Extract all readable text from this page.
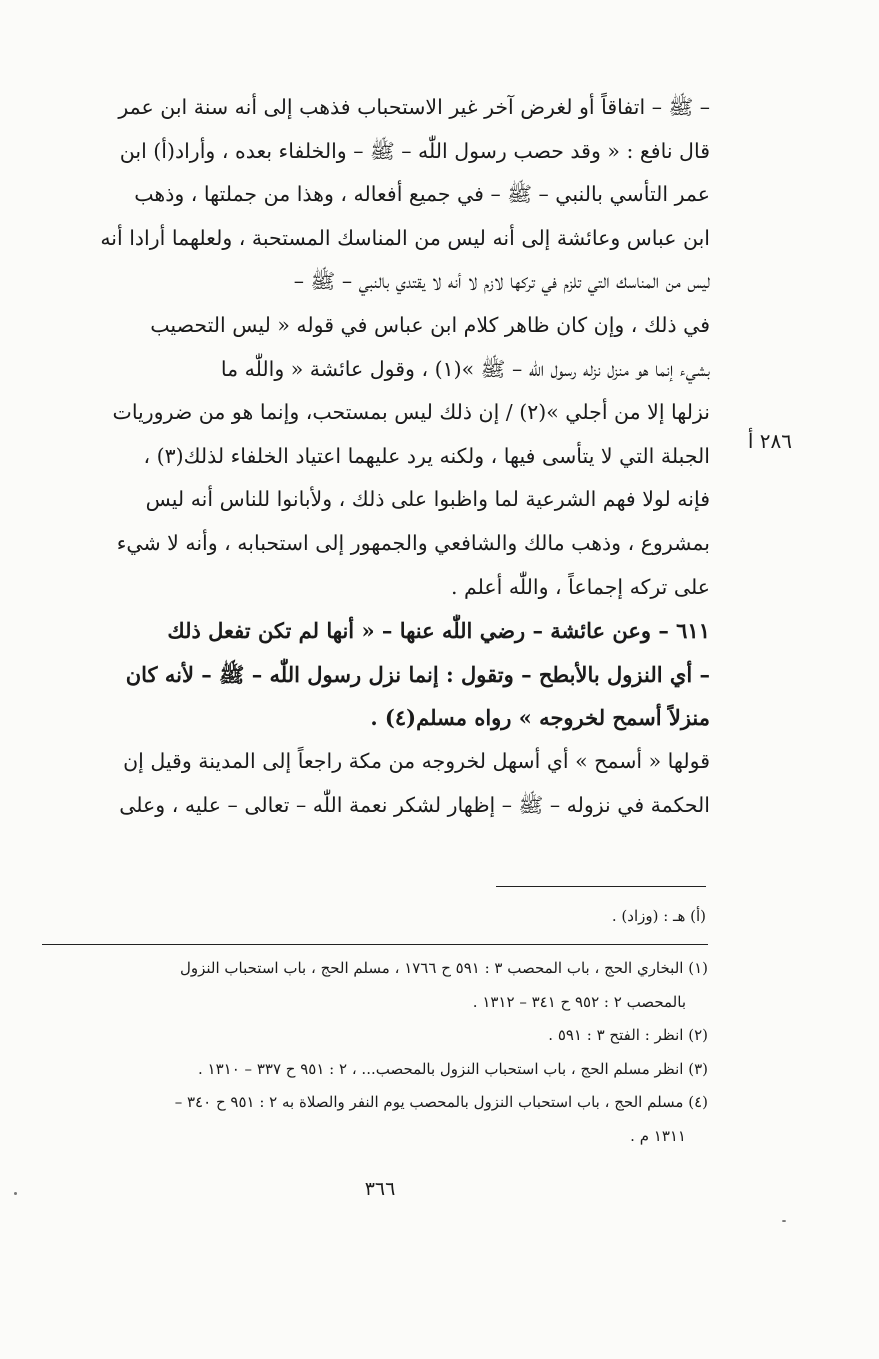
– ﷺ – اتفاقاً أو لغرض آخر غير الاستحباب فذهب إلى أنه سنة ابن عمر
قال نافع : « وقد حصب رسول اللّٰه – ﷺ – والخلفاء بعده ، وأراد(أ) ابن
عمر التأسي بالنبي – ﷺ – في جميع أفعاله ، وهذا من جملتها ، وذهب
ابن عباس وعائشة إلى أنه ليس من المناسك المستحبة ، ولعلهما أرادا أنه
ليس من المناسك التي تلزم في تركها لازم لا أنه لا يقتدي بالنبي – ﷺ –
في ذلك ، وإن كان ظاهر كلام ابن عباس في قوله « ليس التحصيب
بشيء إنما هو منزل نزله رسول اللّٰه – ﷺ »(١) ، وقول عائشة « واللّٰه ما
نزلها إلا من أجلي »(٢) / إن ذلك ليس بمستحب، وإنما هو من ضروريات
الجبلة التي لا يتأسى فيها ، ولكنه يرد عليهما اعتياد الخلفاء لذلك(٣) ،
فإنه لولا فهم الشرعية لما واظبوا على ذلك ، ولأبانوا للناس أنه ليس
بمشروع ، وذهب مالك والشافعي والجمهور إلى استحبابه ، وأنه لا شيء
على تركه إجماعاً ، واللّٰه أعلم .
٦١١ – وعن عائشة – رضي اللّٰه عنها – « أنها لم تكن تفعل ذلك
– أي النزول بالأبطح – وتقول : إنما نزل رسول اللّٰه – ﷺ – لأنه كان
منزلاً أسمح لخروجه » رواه مسلم(٤) .
قولها « أسمح » أي أسهل لخروجه من مكة راجعاً إلى المدينة وقيل إن
الحكمة في نزوله – ﷺ – إظهار لشكر نعمة اللّٰه – تعالى – عليه ، وعلى
٢٨٦ أ
(أ) هـ : (وزاد) .
(١) البخاري الحج ، باب المحصب ٣ : ٥٩١ ح ١٧٦٦ ، مسلم الحج ، باب استحباب النزول
بالمحصب ٢ : ٩٥٢ ح ٣٤١ – ١٣١٢ .
(٢) انظر : الفتح ٣ : ٥٩١ .
(٣) انظر مسلم الحج ، باب استحباب النزول بالمحصب... ، ٢ : ٩٥١ ح ٣٣٧ – ١٣١٠ .
(٤) مسلم الحج ، باب استحباب النزول بالمحصب يوم النفر والصلاة به ٢ : ٩٥١ ح ٣٤٠ –
١٣١١ م .
٣٦٦
